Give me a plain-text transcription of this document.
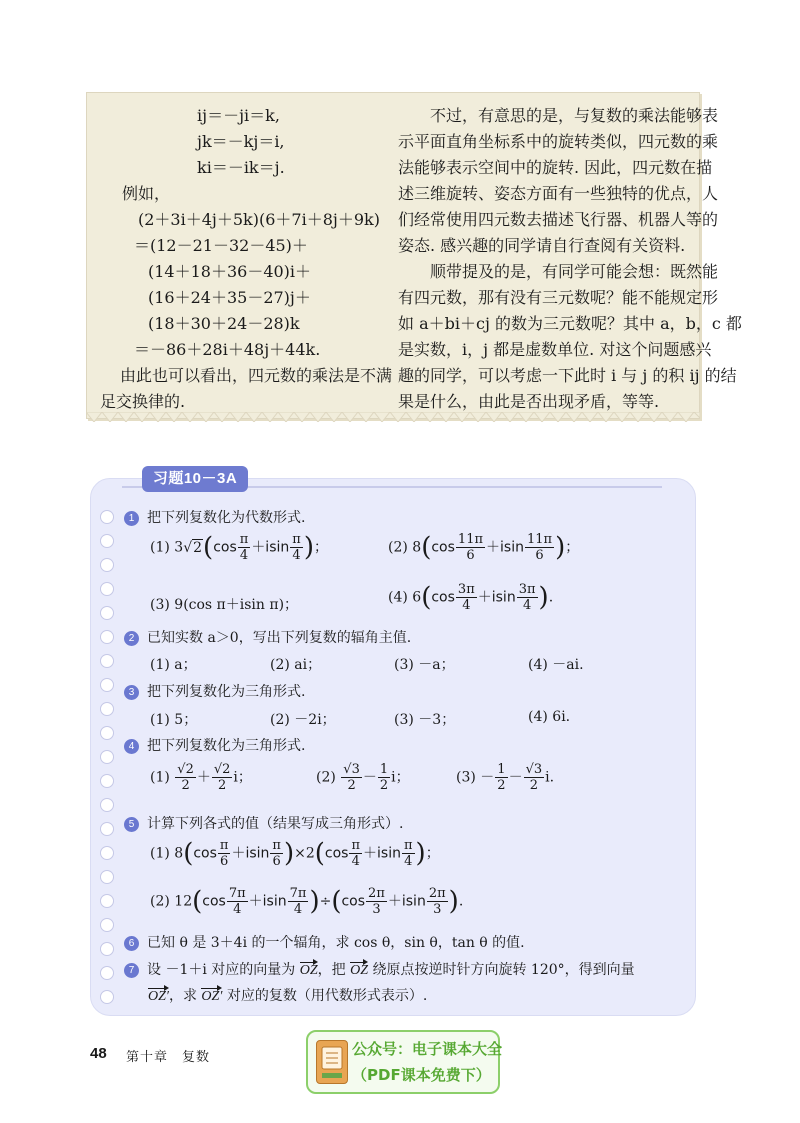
ij＝－ji＝k,
jk＝－kj＝i,
ki＝－ik＝j.
例如，
(2＋3i＋4j＋5k)(6＋7i＋8j＋9k)
＝(12－21－32－45)＋
(14＋18＋36－40)i＋
(16＋24＋35－27)j＋
(18＋30＋24－28)k
＝－86＋28i＋48j＋44k.
由此也可以看出，四元数的乘法是不满
足交换律的.
不过，有意思的是，与复数的乘法能够表
示平面直角坐标系中的旋转类似，四元数的乘
法能够表示空间中的旋转. 因此，四元数在描
述三维旋转、姿态方面有一些独特的优点，人
们经常使用四元数去描述飞行器、机器人等的
姿态. 感兴趣的同学请自行查阅有关资料.
顺带提及的是，有同学可能会想：既然能
有四元数，那有没有三元数呢？能不能规定形
如 a＋bi＋cj 的数为三元数呢？其中 a，b，c 都
是实数，i，j 都是虚数单位. 对这个问题感兴
趣的同学，可以考虑一下此时 i 与 j 的积 ij 的结
果是什么，由此是否出现矛盾，等等.
习题10－3A
1 把下列复数化为代数形式.
(1) $3√2(\cos \frac{\pi}{4} +isin \frac{\pi}{4}$ )；	(2) $8(\cos \frac{11\pi}{6} +isin \frac{11\pi}{6}$ )；
(3) 9(cos π＋isin π)；	(4) $6(\cos \frac{3\pi}{4} +isin \frac{3\pi}{4}$ ).
2 已知实数 a＞0，写出下列复数的辐角主值.
(1) a；	(2) ai；	(3) －a；	(4) －ai.
3 把下列复数化为三角形式.
(1) 5；	(2) －2i；	(3) －3；	(4) 6i.
4 把下列复数化为三角形式.
$(1) \frac{√2}{2} + \frac{√2}{2}$ i；	$(2) \frac{√3}{2} - \frac{1}{2}$ i；	$(3) - \frac{1}{2} - \frac{√3}{2} i$.
5 计算下列各式的值（结果写成三角形式）.
(1) $8(\cos \frac{\pi}{6} +isin \frac{\pi}{6} )\times 2(\cos \frac{\pi}{4} +isin \frac{\pi}{4}$ )；
(2) $12(\cos \frac{7\pi}{4} +isin \frac{7\pi}{4} )\div(\cos \frac{2\pi}{3} +isin \frac{2\pi}{3}$ ).
6 已知 θ 是 3＋4i 的一个辐角，求 cos θ，sin θ，tan θ 的值.
7 设 －1＋i 对应的向量为 OZ，把 OZ 绕原点按逆时针方向旋转 120°，得到向量
OZ′，求 OZ′ 对应的复数（用代数形式表示）.
48 第十章　复数	公众号：电子课本大全
（PDF课本免费下）
